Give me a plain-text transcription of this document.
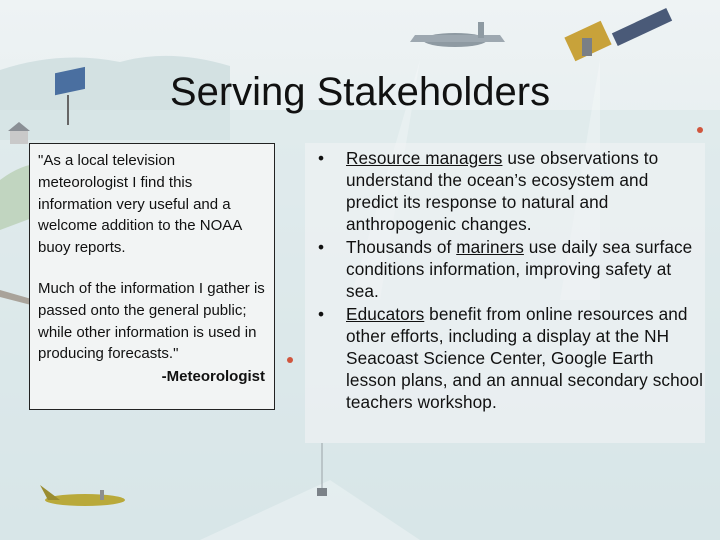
Serving Stakeholders

"As a local television meteorologist I find this information very useful and a welcome addition to the NOAA buoy reports.

Much of the information I gather is passed onto the general public; while other information is used in producing forecasts."

-Meteorologist
• Resource managers use observations to understand the ocean’s ecosystem and predict its response to natural and anthropogenic changes.
• Thousands of mariners use daily sea surface conditions information, improving safety at sea.
• Educators benefit from online resources and other efforts, including a display at the NH Seacoast Science Center, Google Earth lesson plans, and an annual secondary school teachers workshop.
